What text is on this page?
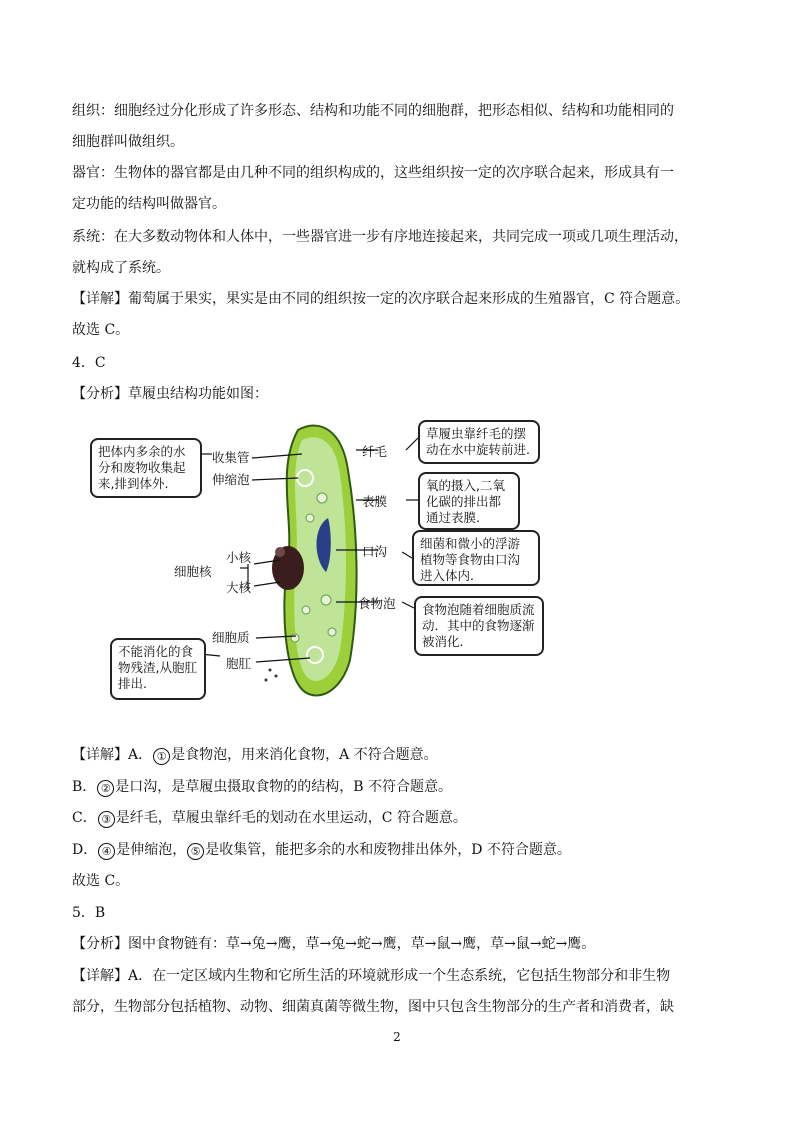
组织：细胞经过分化形成了许多形态、结构和功能不同的细胞群，把形态相似、结构和功能相同的
细胞群叫做组织。
器官：生物体的器官都是由几种不同的组织构成的，这些组织按一定的次序联合起来，形成具有一
定功能的结构叫做器官。
系统：在大多数动物体和人体中，一些器官进一步有序地连接起来，共同完成一项或几项生理活动，
就构成了系统。
【详解】葡萄属于果实，果实是由不同的组织按一定的次序联合起来形成的生殖器官，C 符合题意。
故选 C。
4．C
【分析】草履虫结构功能如图：
收集管
伸缩泡
小核
大核
细胞核
细胞质
胞肛
纤毛
表膜
口沟
食物泡
把体内多余的水分和废物收集起来,排到体外.
不能消化的食物残渣,从胞肛排出.
草履虫靠纤毛的摆动在水中旋转前进.
氧的摄入,二氧化碳的排出都通过表膜.
细菌和微小的浮游植物等食物由口沟进入体内.
食物泡随着细胞质流动．其中的食物逐渐被消化.
【详解】A． ① 是食物泡，用来消化食物，A 不符合题意。
B． ② 是口沟，是草履虫摄取食物的的结构，B 不符合题意。
C． ③ 是纤毛，草履虫靠纤毛的划动在水里运动，C 符合题意。
D． ④ 是伸缩泡， ⑤ 是收集管，能把多余的水和废物排出体外，D 不符合题意。
故选 C。
5．B
【分析】图中食物链有：草→兔→鹰，草→兔→蛇→鹰，草→鼠→鹰，草→鼠→蛇→鹰。
【详解】A．在一定区域内生物和它所生活的环境就形成一个生态系统，它包括生物部分和非生物
部分，生物部分包括植物、动物、细菌真菌等微生物，图中只包含生物部分的生产者和消费者，缺
2
